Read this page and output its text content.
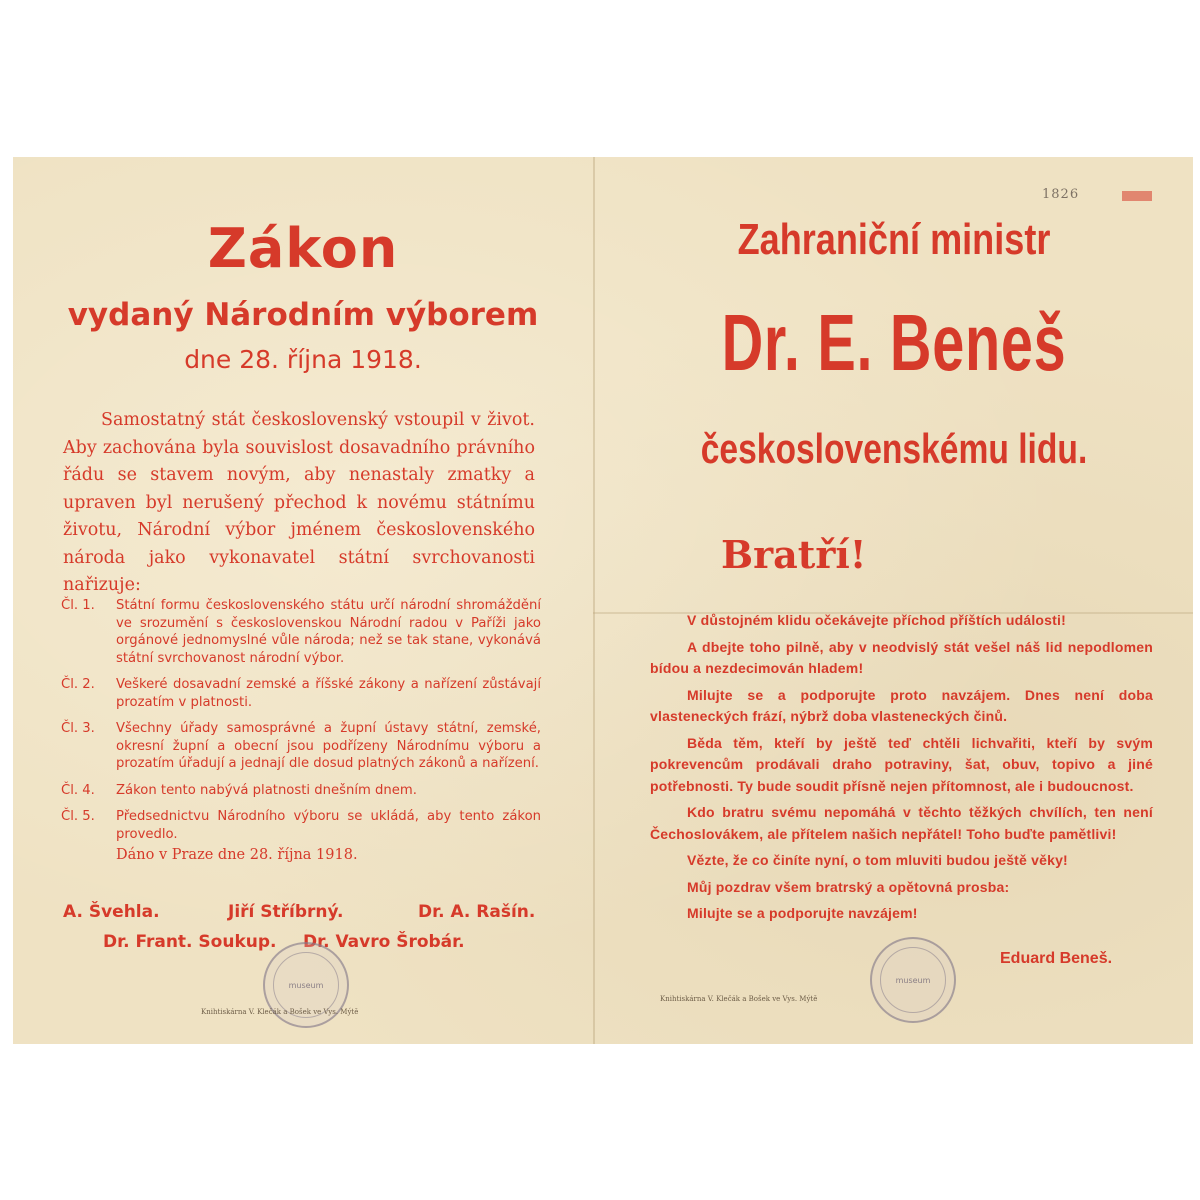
Zákon
vydaný Národním výborem
dne 28. října 1918.

Samostatný stát československý vstoupil v život. Aby zachována byla souvislost dosavadního právního řádu se stavem novým, aby nenastaly zmatky a upraven byl nerušený přechod k novému státnímu životu, Národní výbor jménem československého národa jako vykonavatel státní svrchovanosti nařizuje:

Čl. 1.	Státní formu československého státu určí národní shromáždění ve srozumění s československou Národní radou v Paříži jako orgánové jednomyslné vůle národa; než se tak stane, vykonává státní svrchovanost národní výbor.
Čl. 2.	Veškeré dosavadní zemské a říšské zákony a nařízení zůstávají prozatím v platnosti.
Čl. 3.	Všechny úřady samosprávné a župní ústavy státní, zemské, okresní župní a obecní jsou podřízeny Národnímu výboru a prozatím úřadují a jednají dle dosud platných zákonů a nařízení.
Čl. 4.	Zákon tento nabývá platnosti dnešním dnem.
Čl. 5.	Předsednictvu Národního výboru se ukládá, aby tento zákon provedlo.
Dáno v Praze dne 28. října 1918.
A. Švehla.	Jiří Stříbrný.	Dr. A. Rašín.
Dr. Frant. Soukup. Dr. Vavro Šrobár.
museum
Knihtiskárna V. Klečák a Bošek ve Vys. Mýtě
1826
Zahraniční ministr
Dr. E. Beneš
československému lidu.
Bratří!

V důstojném klidu očekávejte příchod příštích události!

A dbejte toho pilně, aby v neodvislý stát vešel náš lid nepodlomen bídou a nezdecimován hladem!

Milujte se a podporujte proto navzájem. Dnes není doba vlasteneckých frází, nýbrž doba vlasteneckých činů.

Běda těm, kteří by ještě teď chtěli lichvařiti, kteří by svým pokrevencům prodávali draho potraviny, šat, obuv, topivo a jiné potřebnosti. Ty bude soudit přísně nejen přítomnost, ale i budoucnost.

Kdo bratru svému nepomáhá v těchto těžkých chvílích, ten není Čechoslovákem, ale přítelem našich nepřátel! Toho buďte pamětlivi!

Vězte, že co činíte nyní, o tom mluviti budou ještě věky!

Můj pozdrav všem bratrský a opětovná prosba:

Milujte se a podporujte navzájem!

museum
Eduard Beneš.
Knihtiskárna V. Klečák a Bošek ve Vys. Mýtě
